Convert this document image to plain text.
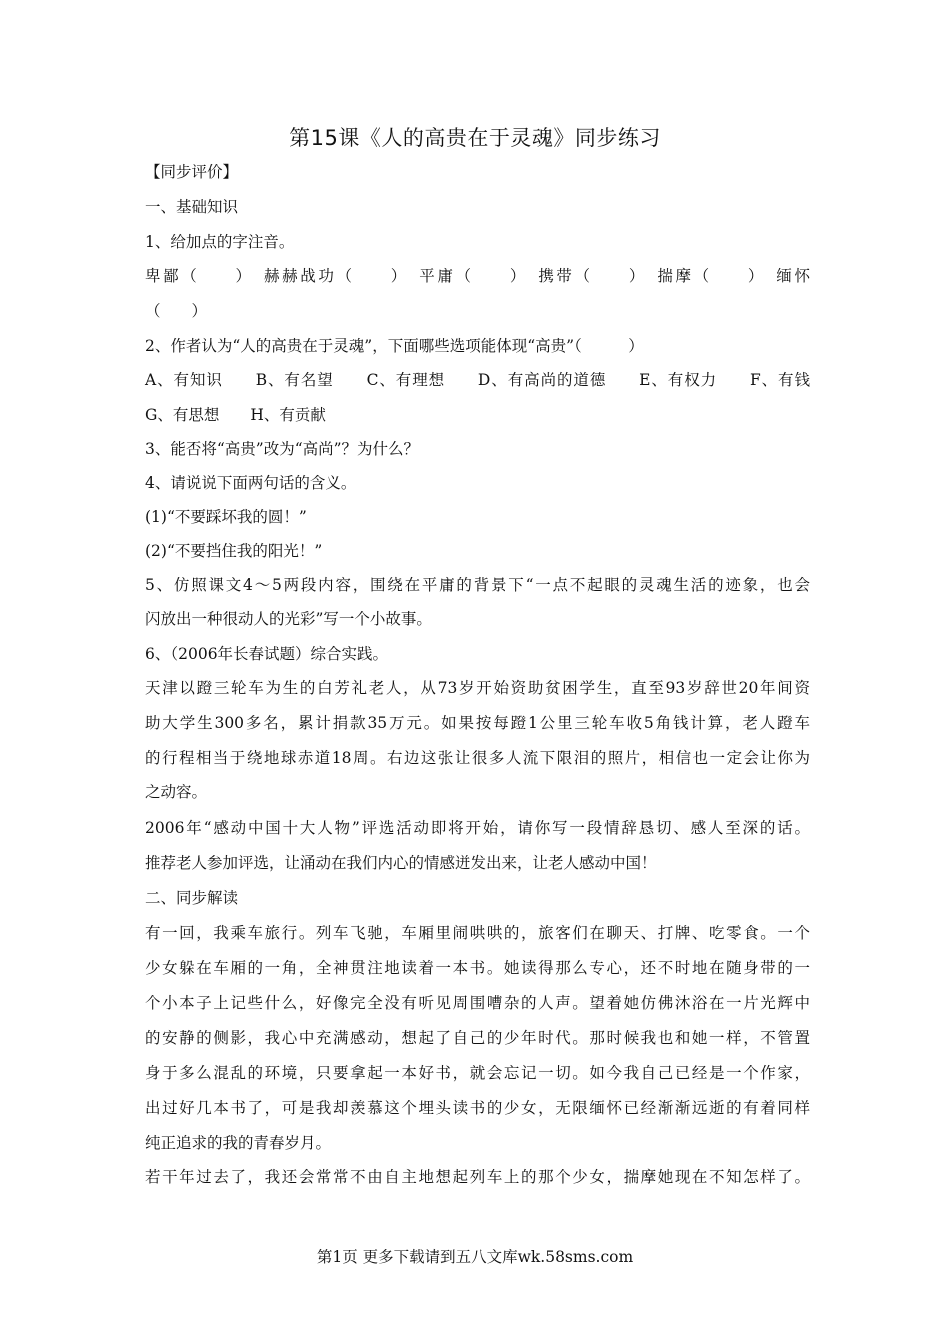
第15课《人的高贵在于灵魂》同步练习
【同步评价】
一、基础知识
1、给加点的字注音。
卑鄙（　　）　赫赫战功（　　）　平庸（　　）　携带（　　）　揣摩（　　）　缅怀
（　　）
2、作者认为“人的高贵在于灵魂”，下面哪些选项能体现“高贵”（　　　）
A、有知识　　B、有名望　　C、有理想　　D、有高尚的道德　　E、有权力　　F、有钱
G、有思想　　H、有贡献
3、能否将“高贵”改为“高尚”？为什么？
4、请说说下面两句话的含义。
(1)“不要踩坏我的圆！”
(2)“不要挡住我的阳光！”
5、仿照课文4～5两段内容，围绕在平庸的背景下“一点不起眼的灵魂生活的迹象，也会
闪放出一种很动人的光彩”写一个小故事。
6、（2006年长春试题）综合实践。
天津以蹬三轮车为生的白芳礼老人，从73岁开始资助贫困学生，直至93岁辞世20年间资
助大学生300多名，累计捐款35万元。如果按每蹬1公里三轮车收5角钱计算，老人蹬车
的行程相当于绕地球赤道18周。右边这张让很多人流下限泪的照片，相信也一定会让你为
之动容。
2006年“感动中国十大人物”评选活动即将开始，请你写一段情辞恳切、感人至深的话。
推荐老人参加评选，让涌动在我们内心的情感迸发出来，让老人感动中国！
二、同步解读
有一回，我乘车旅行。列车飞驰，车厢里闹哄哄的，旅客们在聊天、打牌、吃零食。一个
少女躲在车厢的一角，全神贯注地读着一本书。她读得那么专心，还不时地在随身带的一
个小本子上记些什么，好像完全没有听见周围嘈杂的人声。望着她仿佛沐浴在一片光辉中
的安静的侧影，我心中充满感动，想起了自己的少年时代。那时候我也和她一样，不管置
身于多么混乱的环境，只要拿起一本好书，就会忘记一切。如今我自己已经是一个作家，
出过好几本书了，可是我却羡慕这个埋头读书的少女，无限缅怀已经渐渐远逝的有着同样
纯正追求的我的青春岁月。
若干年过去了，我还会常常不由自主地想起列车上的那个少女，揣摩她现在不知怎样了。
第1页 更多下载请到五八文库wk.58sms.com
